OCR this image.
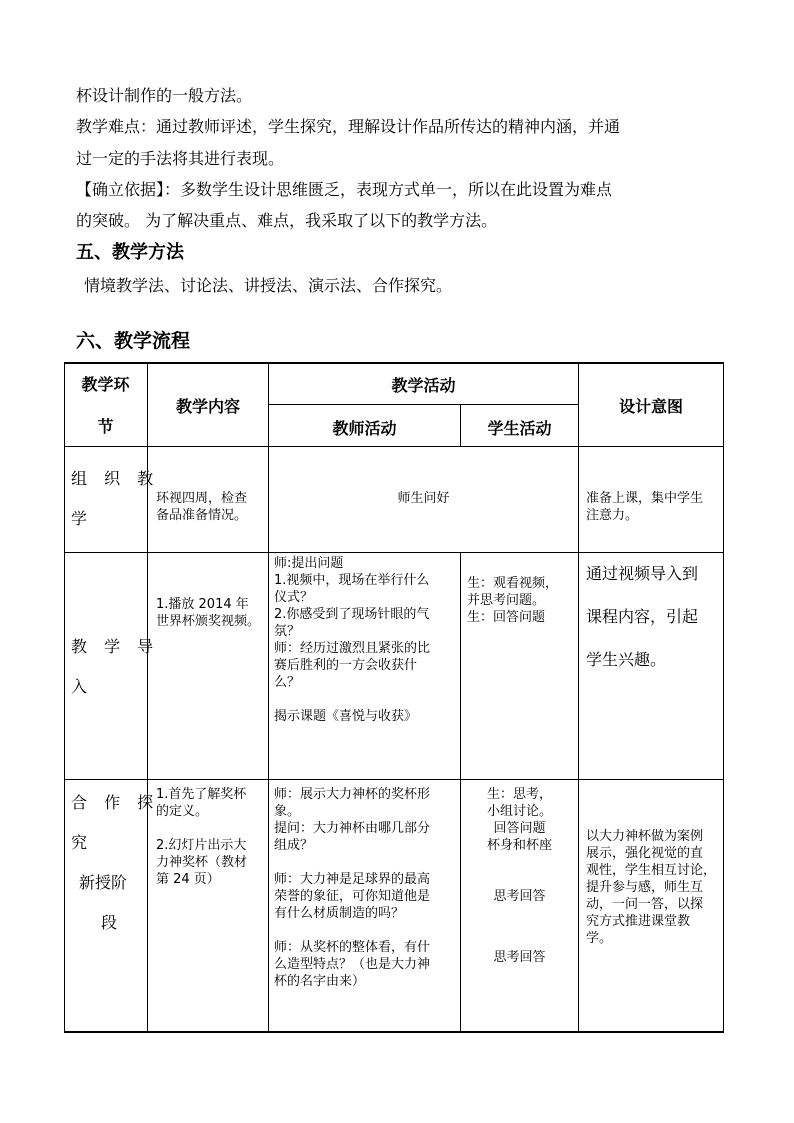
杯设计制作的一般方法。
教学难点：通过教师评述，学生探究，理解设计作品所传达的精神内涵，并通
过一定的手法将其进行表现。
【确立依据】：多数学生设计思维匮乏，表现方式单一，所以在此设置为难点
的突破。 为了解决重点、难点，我采取了以下的教学方法。
五、教学方法
情境教学法、讨论法、讲授法、演示法、合作探究。
六、教学流程
教学环
节
教学内容
教学活动
教师活动	学生活动
设计意图
组 织 教
学
环视四周，检查
备品准备情况。
师生问好	准备上课，集中学生
注意力。
教 学 导
入
1.播放 2014 年
世界杯颁奖视频。
师:提出问题
1.视频中，现场在举行什么
仪式？
2.你感受到了现场针眼的气
氛？
师：经历过激烈且紧张的比
赛后胜利的一方会收获什
么？
揭示课题《喜悦与收获》
生：观看视频，
并思考问题。
生：回答问题
通过视频导入到
课程内容，引起
学生兴趣。
合 作 探
究
新授阶
段
1.首先了解奖杯
的定义。
2.幻灯片出示大
力神奖杯（教材
第 24 页）
师：展示大力神杯的奖杯形
象。
提问：大力神杯由哪几部分
组成？
师：大力神是足球界的最高
荣誉的象征，可你知道他是
有什么材质制造的吗？
师：从奖杯的整体看，有什
么造型特点？（也是大力神
杯的名字由来）
生：思考，
小组讨论。
回答问题
杯身和杯座
思考回答
思考回答
以大力神杯做为案例
展示，强化视觉的直
观性，学生相互讨论，
提升参与感，师生互
动，一问一答，以探
究方式推进课堂教
学。
